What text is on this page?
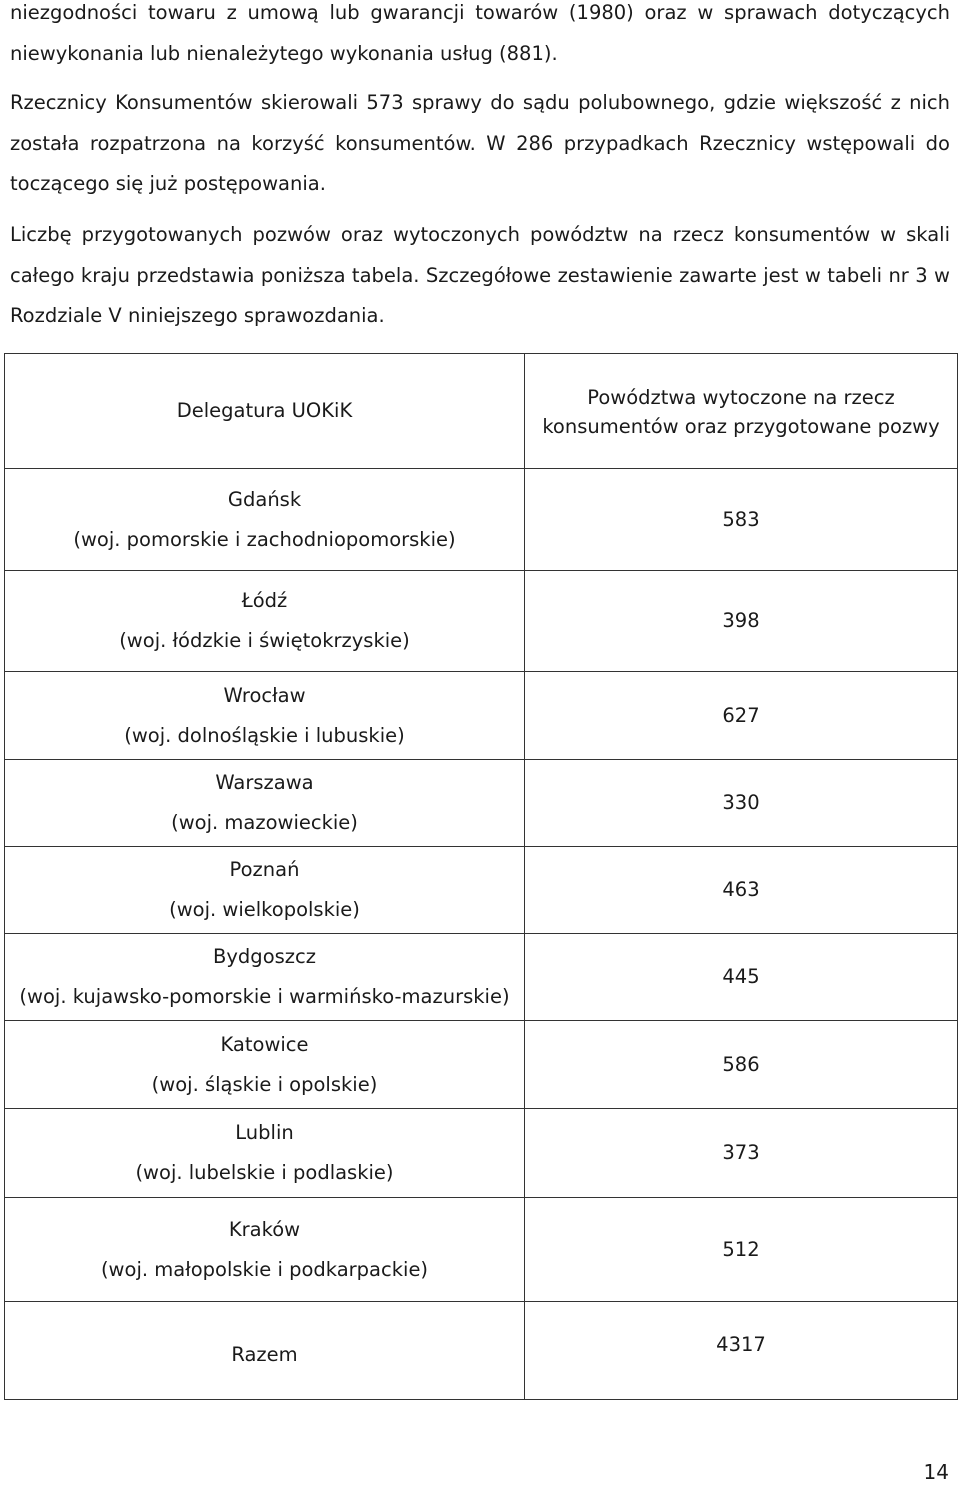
niezgodności towaru z umową lub gwarancji towarów (1980) oraz w sprawach dotyczących niewykonania lub nienależytego wykonania usług (881).

Rzecznicy Konsumentów skierowali 573 sprawy do sądu polubownego, gdzie większość z nich została rozpatrzona na korzyść konsumentów. W 286 przypadkach Rzecznicy wstępowali do toczącego się już postępowania.

Liczbę przygotowanych pozwów oraz wytoczonych powództw na rzecz konsumentów w skali całego kraju przedstawia poniższa tabela. Szczegółowe zestawienie zawarte jest w tabeli nr 3 w Rozdziale V niniejszego sprawozdania.

Delegatura UOKiK	Powództwa wytoczone na rzecz konsumentów oraz przygotowane pozwy

Gdańsk
(woj. pomorskie i zachodniopomorskie)	583

Łódź
(woj. łódzkie i świętokrzyskie)	398

Wrocław
(woj. dolnośląskie i lubuskie)	627

Warszawa
(woj. mazowieckie)	330

Poznań
(woj. wielkopolskie)	463

Bydgoszcz
(woj. kujawsko-pomorskie i warmińsko-mazurskie)	445

Katowice
(woj. śląskie i opolskie)	586

Lublin
(woj. lubelskie i podlaskie)	373

Kraków
(woj. małopolskie i podkarpackie)	512
Razem	4317
14
